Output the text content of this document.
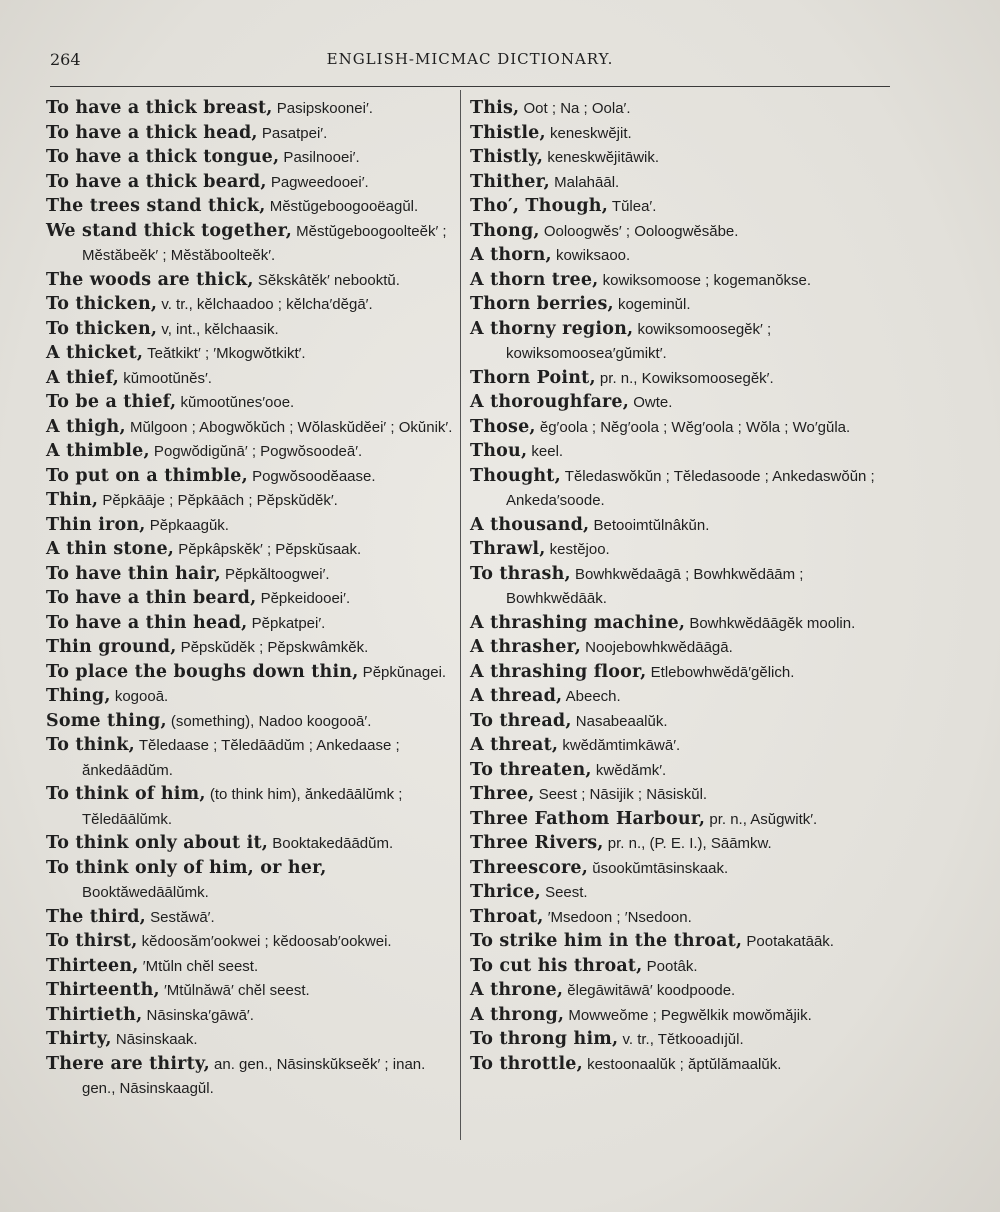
264	ENGLISH-MICMAC DICTIONARY.

To have a thick breast, Pasipskoonei′.

To have a thick head, Pasatpei′.

To have a thick tongue, Pasilnooei′.

To have a thick beard, Pagweedooei′.

The trees stand thick, Mĕstŭgeboogooëagŭl.

We stand thick together, Mĕstŭgeboogoolteĕk′ ; Mĕstăbeĕk′ ; Mĕstăboolteĕk′.

The woods are thick, Sĕkskâtĕk′ nebooktŭ.

To thicken, v. tr., kĕlchaadoo ; kĕlcha′dĕgā′.

To thicken, v, int., kĕlchaasik.

A thicket, Teătkikt′ ; ′Mkogwŏtkikt′.

A thief, kŭmootŭnĕs′.

To be a thief, kŭmootŭnes′ooe.

A thigh, Mŭlgoon ; Abogwŏkŭch ; Wŏlaskŭdĕei′ ; Okŭnik′.

A thimble, Pogwŏdigŭnā′ ; Pogwŏsoodeā′.

To put on a thimble, Pogwŏsoodĕaase.

Thin, Pĕpkāāje ; Pĕpkāāch ; Pĕpskŭdĕk′.

Thin iron, Pĕpkaagŭk.

A thin stone, Pĕpkâpskĕk′ ; Pĕpskŭsaak.

To have thin hair, Pĕpkăltoogwei′.

To have a thin beard, Pĕpkeidooei′.

To have a thin head, Pĕpkatpei′.

Thin ground, Pĕpskŭdĕk ; Pĕpskwâmkĕk.

To place the boughs down thin, Pĕpkŭnagei.

Thing, kogooā.

Some thing, (something), Nadoo koogooā′.

To think, Tĕledaase ; Tĕledāādŭm ; Ankedaase ; ănkedāādŭm.

To think of him, (to think him), ănkedāālŭmk ; Tĕledāālŭmk.

To think only about it, Booktakedāādŭm.

To think only of him, or her, Booktăwedāālŭmk.

The third, Sestăwā′.

To thirst, kĕdoosăm′ookwei ; kĕdoosab′ookwei.

Thirteen, ′Mtŭln chĕl seest.

Thirteenth, ′Mtŭlnăwā′ chĕl seest.

Thirtieth, Nāsinska′gāwā′.

Thirty, Nāsinskaak.

There are thirty, an. gen., Nāsinskŭkseĕk′ ; inan. gen., Nāsinskaagŭl.

This, Oot ; Na ; Oola′.

Thistle, keneskwĕjit.

Thistly, keneskwĕjitāwik.

Thither, Malahāāl.

Tho′, Though, Tŭlea′.

Thong, Ooloogwĕs′ ; Ooloogwĕsăbe.

A thorn, kowiksaoo.

A thorn tree, kowiksomoose ; kogemanŏkse.

Thorn berries, kogeminŭl.

A thorny region, kowiksomoosegĕk′ ; kowiksomoosea′gŭmikt′.

Thorn Point, pr. n., Kowiksomoosegĕk′.

A thoroughfare, Owte.

Those, ĕg′oola ; Nĕg′oola ; Wĕg′oola ; Wŏla ; Wo′gŭla.

Thou, keel.

Thought, Tĕledaswŏkŭn ; Tĕledasoode ; Ankedaswŏŭn ; Ankeda′soode.

A thousand, Betooimtŭlnâkŭn.

Thrawl, kestĕjoo.

To thrash, Bowhkwĕdaāgā ; Bowhkwĕdāām ; Bowhkwĕdāāk.

A thrashing machine, Bowhkwĕdāāgĕk moolin.

A thrasher, Noojebowhkwĕdāāgā.

A thrashing floor, Etlebowhwĕdā′gĕlich.

A thread, Abeech.

To thread, Nasabeaalŭk.

A threat, kwĕdămtimkāwā′.

To threaten, kwĕdămk′.

Three, Seest ; Nāsijik ; Nāsiskŭl.

Three Fathom Harbour, pr. n., Asŭgwitk′.

Three Rivers, pr. n., (P. E. I.), Sāāmkw.

Threescore, ŭsookŭmtāsinskaak.

Thrice, Seest.

Throat, ′Msedoon ; ′Nsedoon.

To strike him in the throat, Pootakatāāk.

To cut his throat, Pootâk.

A throne, ĕlegāwitāwā′ koodpoode.

A throng, Mowweŏme ; Pegwĕlkik mowŏmăjik.

To throng him, v. tr., Tĕtkooadıjŭl.

To throttle, kestoonaalŭk ; ăptŭlămaalŭk.
